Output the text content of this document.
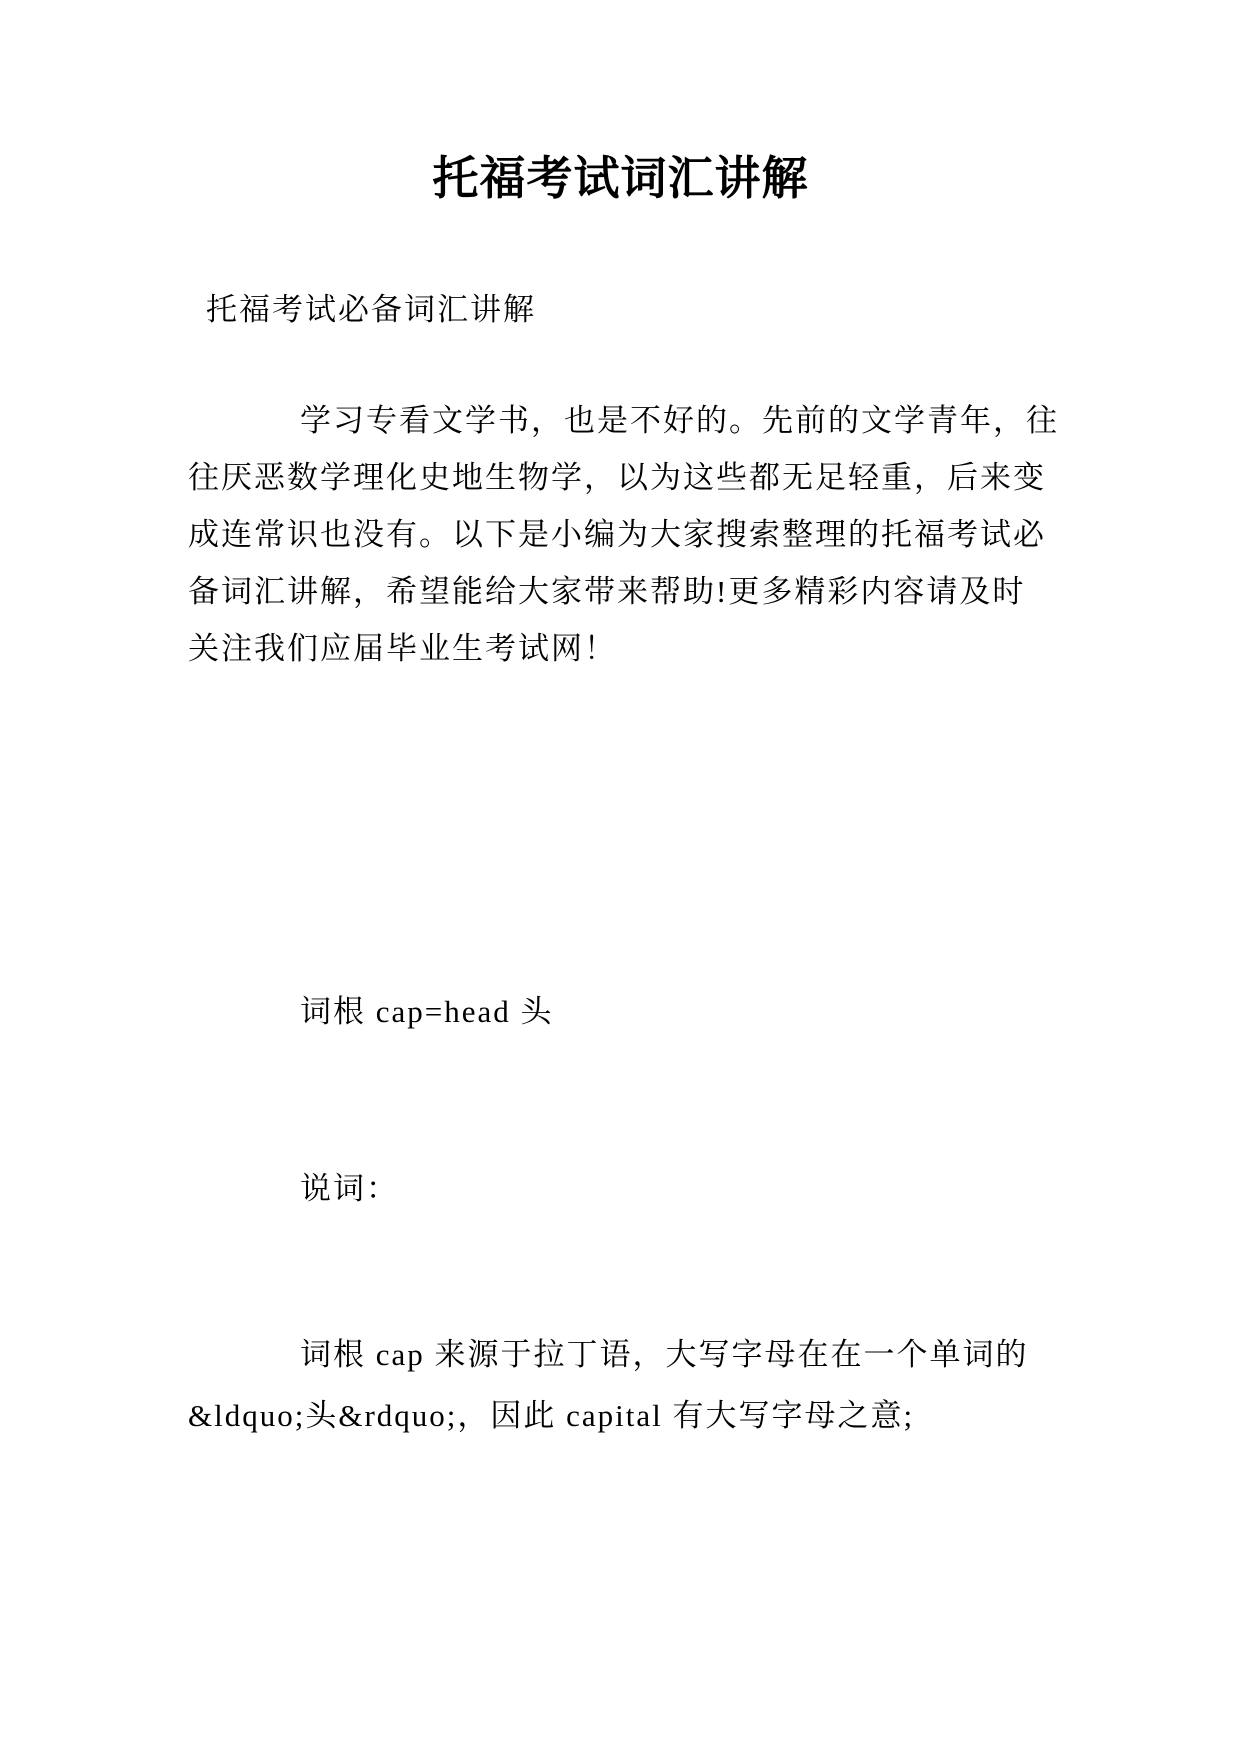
托福考试词汇讲解

托福考试必备词汇讲解

学习专看文学书，也是不好的。先前的文学青年，往
往厌恶数学理化史地生物学，以为这些都无足轻重，后来变
成连常识也没有。以下是小编为大家搜索整理的托福考试必
备词汇讲解，希望能给大家带来帮助!更多精彩内容请及时
关注我们应届毕业生考试网！

词根 cap=head 头

说词：

词根 cap 来源于拉丁语，大写字母在在一个单词的
&ldquo;头&rdquo;，因此 capital 有大写字母之意;
